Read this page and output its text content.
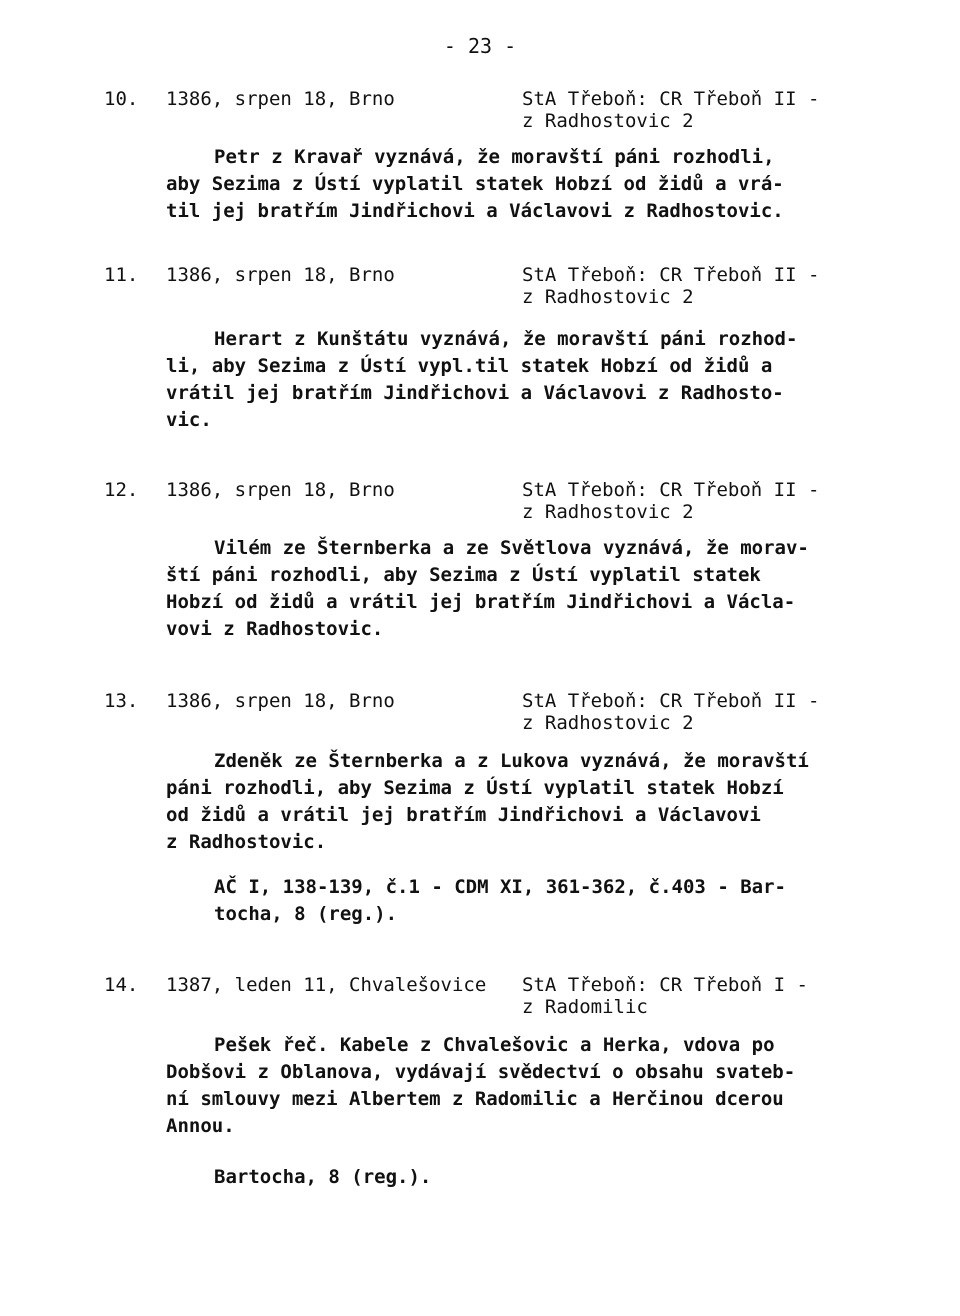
- 23 -
10. 1386, srpen 18, Brno	StA Třeboň: CR Třeboň II -
z Radhostovic 2
Petr z Kravař vyznává, že moravští páni rozhodli,
aby Sezima z Ústí vyplatil statek Hobzí od židů a vrá-
til jej bratřím Jindřichovi a Václavovi z Radhostovic.
11. 1386, srpen 18, Brno	StA Třeboň: CR Třeboň II -
z Radhostovic 2
Herart z Kunštátu vyznává, že moravští páni rozhod-
li, aby Sezima z Ústí vypl.til statek Hobzí od židů a
vrátil jej bratřím Jindřichovi a Václavovi z Radhosto-
vic.
12. 1386, srpen 18, Brno	StA Třeboň: CR Třeboň II -
z Radhostovic 2
Vilém ze Šternberka a ze Světlova vyznává, že morav-
ští páni rozhodli, aby Sezima z Ústí vyplatil statek
Hobzí od židů a vrátil jej bratřím Jindřichovi a Václa-
vovi z Radhostovic.
13. 1386, srpen 18, Brno	StA Třeboň: CR Třeboň II -
z Radhostovic 2
Zdeněk ze Šternberka a z Lukova vyznává, že moravští
páni rozhodli, aby Sezima z Ústí vyplatil statek Hobzí
od židů a vrátil jej bratřím Jindřichovi a Václavovi
z Radhostovic.
AČ I, 138-139, č.1 - CDM XI, 361-362, č.403 - Bar-
tocha, 8 (reg.).
14. 1387, leden 11, Chvalešovice StA Třeboň: CR Třeboň I -
z Radomilic
Pešek řeč. Kabele z Chvalešovic a Herka, vdova po
Dobšovi z Oblanova, vydávají svědectví o obsahu svateb-
ní smlouvy mezi Albertem z Radomilic a Herčinou dcerou
Annou.
Bartocha, 8 (reg.).
